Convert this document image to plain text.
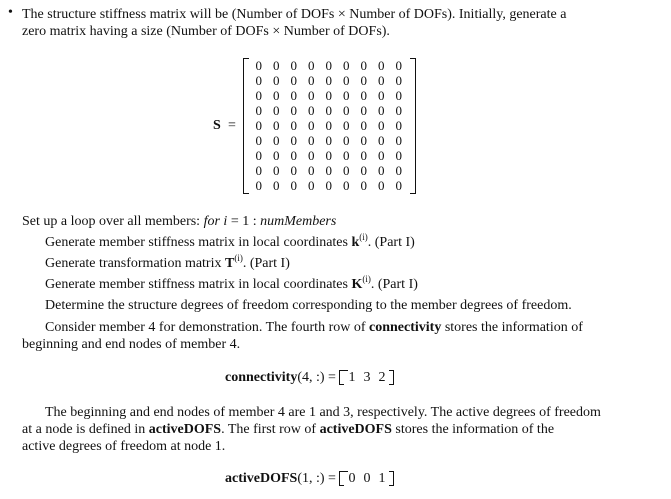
• The structure stiffness matrix will be (Number of DOFs × Number of DOFs). Initially, generate a
zero matrix having a size (Number of DOFs × Number of DOFs).
S =
0 0 0 0 0 0 0 0 0
0 0 0 0 0 0 0 0 0
0 0 0 0 0 0 0 0 0
0 0 0 0 0 0 0 0 0
0 0 0 0 0 0 0 0 0
0 0 0 0 0 0 0 0 0
0 0 0 0 0 0 0 0 0
0 0 0 0 0 0 0 0 0
0 0 0 0 0 0 0 0 0
Set up a loop over all members: for i = 1 : numMembers
Generate member stiffness matrix in local coordinates $k^{(i)}$. (Part I)
Generate transformation matrix $T^{(i)}$. (Part I)
Generate member stiffness matrix in local coordinates $K^{(i)}$. (Part I)
Determine the structure degrees of freedom corresponding to the member degrees of freedom.
Consider member 4 for demonstration. The fourth row of connectivity stores the information of
beginning and end nodes of member 4.
connectivity(4, :) =
1 3 2
The beginning and end nodes of member 4 are 1 and 3, respectively. The active degrees of freedom
at a node is defined in activeDOFS. The first row of activeDOFS stores the information of the
active degrees of freedom at node 1.
activeDOFS(1, :) =
0 0 1
